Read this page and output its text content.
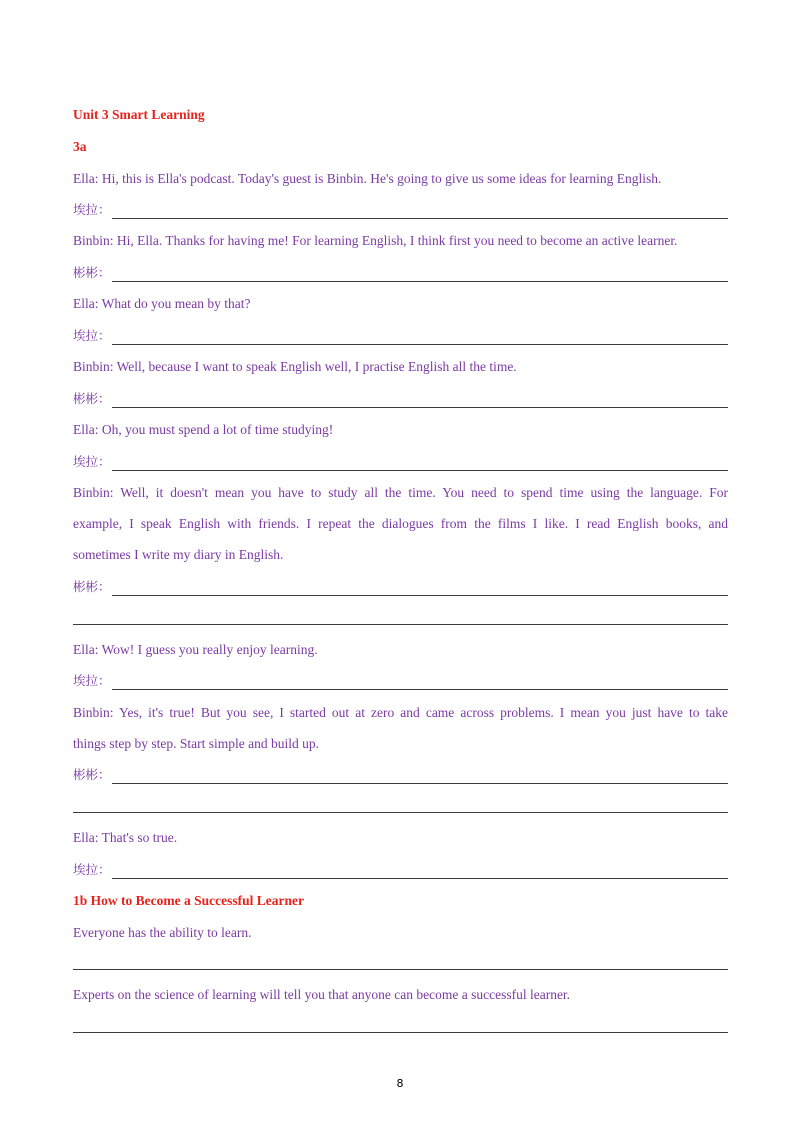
Unit 3 Smart Learning
3a
Ella: Hi, this is Ella's podcast. Today's guest is Binbin. He's going to give us some ideas for learning English.
埃拉：
Binbin: Hi, Ella. Thanks for having me! For learning English, I think first you need to become an active learner.
彬彬：
Ella: What do you mean by that?
埃拉：
Binbin: Well, because I want to speak English well, I practise English all the time.
彬彬：
Ella: Oh, you must spend a lot of time studying!
埃拉：
Binbin: Well, it doesn't mean you have to study all the time. You need to spend time using the language. For
example, I speak English with friends. I repeat the dialogues from the films I like. I read English books, and
sometimes I write my diary in English.
彬彬：
Ella: Wow! I guess you really enjoy learning.
埃拉：
Binbin: Yes, it's true! But you see, I started out at zero and came across problems. I mean you just have to take
things step by step. Start simple and build up.
彬彬：
Ella: That's so true.
埃拉：
1b How to Become a Successful Learner
Everyone has the ability to learn.
Experts on the science of learning will tell you that anyone can become a successful learner.
8
